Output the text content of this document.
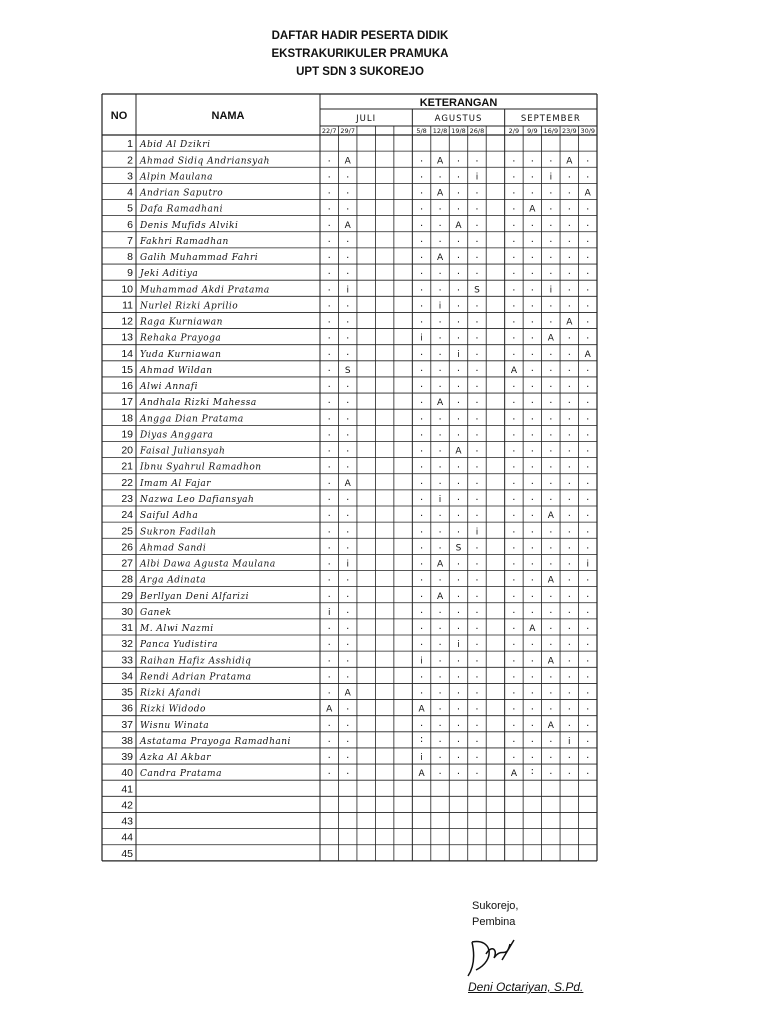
DAFTAR HADIR PESERTA DIDIK
EKSTRAKURIKULER PRAMUKA
UPT SDN 3 SUKOREJO
NO	NAMA
KETERANGAN
JULI	AGUSTUS	SEPTEMBER
22/7 29/7	5/8 12/8 19/8 26/8	2/9 9/9 16/9 23/9 30/9
1 Abid Al Dzikri
2 Ahmad Sidiq Andriansyah	. A	. A . .	. . . A .
3 Alpin Maulana	. .	. . . i	. . i . .
4 Andrian Saputro	. .	. A . .	. . . . A
5 Dafa Ramadhani	. .	. . . .	. A . . .
6 Denis Mufids Alviki	. A	. . A .	. . . . .
7 Fakhri Ramadhan	. .	. . . .	. . . . .
8 Galih Muhammad Fahri	. .	. A . .	. . . . .
9 Jeki Aditiya	. .	. . . .	. . . . .
10 Muhammad Akdi Pratama	. i	. . . S	. . i . .
11 Nurlel Rizki Aprilio	. .	. i . .	. . . . .
12 Raga Kurniawan	. .	. . . .	. . . A .
13 Rehaka Prayoga	. .	i . . .	. . A . .
14 Yuda Kurniawan	. .	. . i .	. . . . A
15 Ahmad Wildan	. S	. . . .	A . . . .
16 Alwi Annafi	. .	. . . .	. . . . .
17 Andhala Rizki Mahessa	. .	. A . .	. . . . .
18 Angga Dian Pratama	. .	. . . .	. . . . .
19 Diyas Anggara	. .	. . . .	. . . . .
20 Faisal Juliansyah	. .	. . A .	. . . . .
21 Ibnu Syahrul Ramadhon	. .	. . . .	. . . . .
22 Imam Al Fajar	. A	. . . .	. . . . .
23 Nazwa Leo Dafiansyah	. .	. i . .	. . . . .
24 Saiful Adha	. .	. . . .	. . A . .
25 Sukron Fadilah	. .	. . . i	. . . . .
26 Ahmad Sandi	. .	. . S .	. . . . .
27 Albi Dawa Agusta Maulana	. i	. A . .	. . . . i
28 Arga Adinata	. .	. . . .	. . A . .
29 Berllyan Deni Alfarizi	. .	. A . .	. . . . .
30 Ganek	i .	. . . .	. . . . .
31 M. Alwi Nazmi	. .	. . . .	. A . . .
32 Panca Yudistira	. .	. . i .	. . . . .
33 Raihan Hafiz Asshidiq	. .	i . . .	. . A . .
34 Rendi Adrian Pratama	. .	. . . .	. . . . .
35 Rizki Afandi	. A	. . . .	. . . . .
36 Rizki Widodo	A .	A . . .	. . . . .
37 Wisnu Winata	. .	. . . .	. . A . .
38 Astatama Prayoga Ramadhani	. .	: . . .	. . . i .
39 Azka Al Akbar	. .	i . . .	. . . . .
40 Candra Pratama	. .	A . . .	A : . . .
41
42
43
44
45
Sukorejo,
Pembina
Deni Octariyan, S.Pd.
